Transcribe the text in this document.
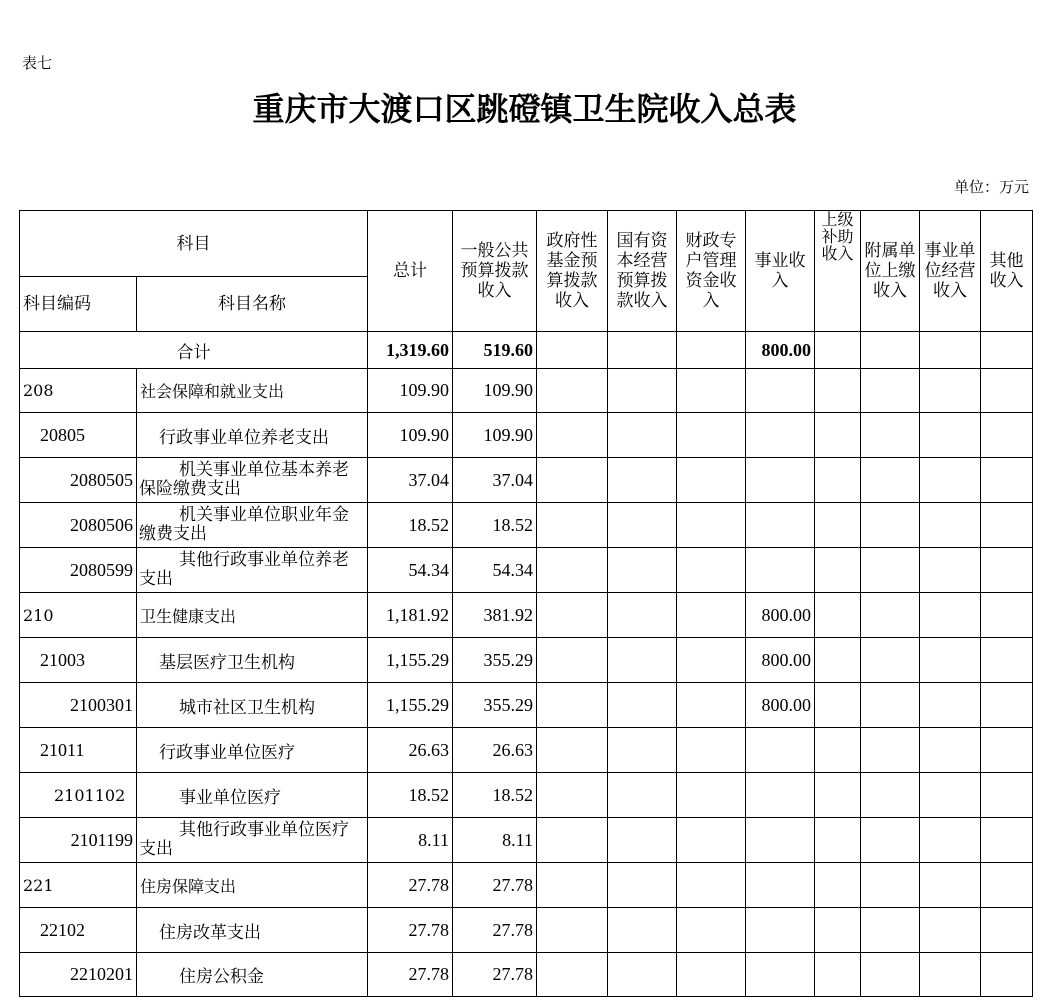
表七
重庆市大渡口区跳磴镇卫生院收入总表
单位：万元
科目		总计	一般公共预算拨款收入	政府性基金预算拨款收入	国有资本经营预算拨款收入	财政专户管理资金收入	事业收入	上级补助收入	附属单位上缴收入	事业单位经营收入	其他收入
科目编码	科目名称										
合计		1,319.60	519.60				800.00				
208	社会保障和就业支出	109.90	109.90								
20805	行政事业单位养老支出	109.90	109.90								
2080505	机关事业单位基本养老保险缴费支出	37.04	37.04								
2080506	机关事业单位职业年金缴费支出	18.52	18.52								
2080599	其他行政事业单位养老支出	54.34	54.34								
210	卫生健康支出	1,181.92	381.92				800.00				
21003	基层医疗卫生机构	1,155.29	355.29				800.00				
2100301	城市社区卫生机构	1,155.29	355.29				800.00				
21011	行政事业单位医疗	26.63	26.63								
2101102	事业单位医疗	18.52	18.52								
2101199	其他行政事业单位医疗支出	8.11	8.11								
221	住房保障支出	27.78	27.78								
22102	住房改革支出	27.78	27.78								
2210201	住房公积金	27.78	27.78								
